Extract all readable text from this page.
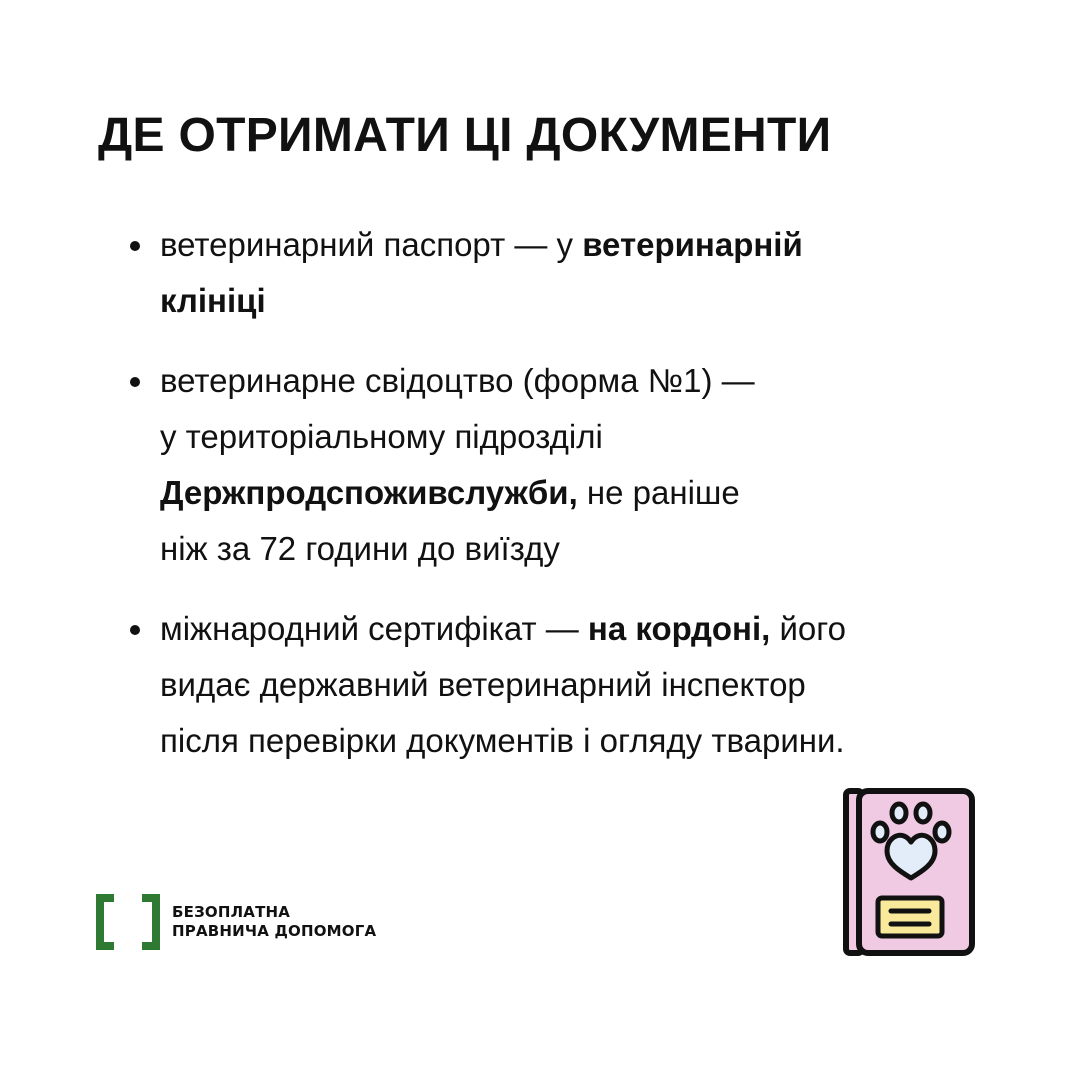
ДЕ ОТРИМАТИ ЦІ ДОКУМЕНТИ
ветеринарний паспорт — у ветеринарній
клініці
ветеринарне свідоцтво (форма №1) —
у територіальному підрозділі
Держпродспоживслужби, не раніше
ніж за 72 години до виїзду
міжнародний сертифікат — на кордоні, його
видає державний ветеринарний інспектор
після перевірки документів і огляду тварини.
БЕЗОПЛАТНА
ПРАВНИЧА ДОПОМОГА
